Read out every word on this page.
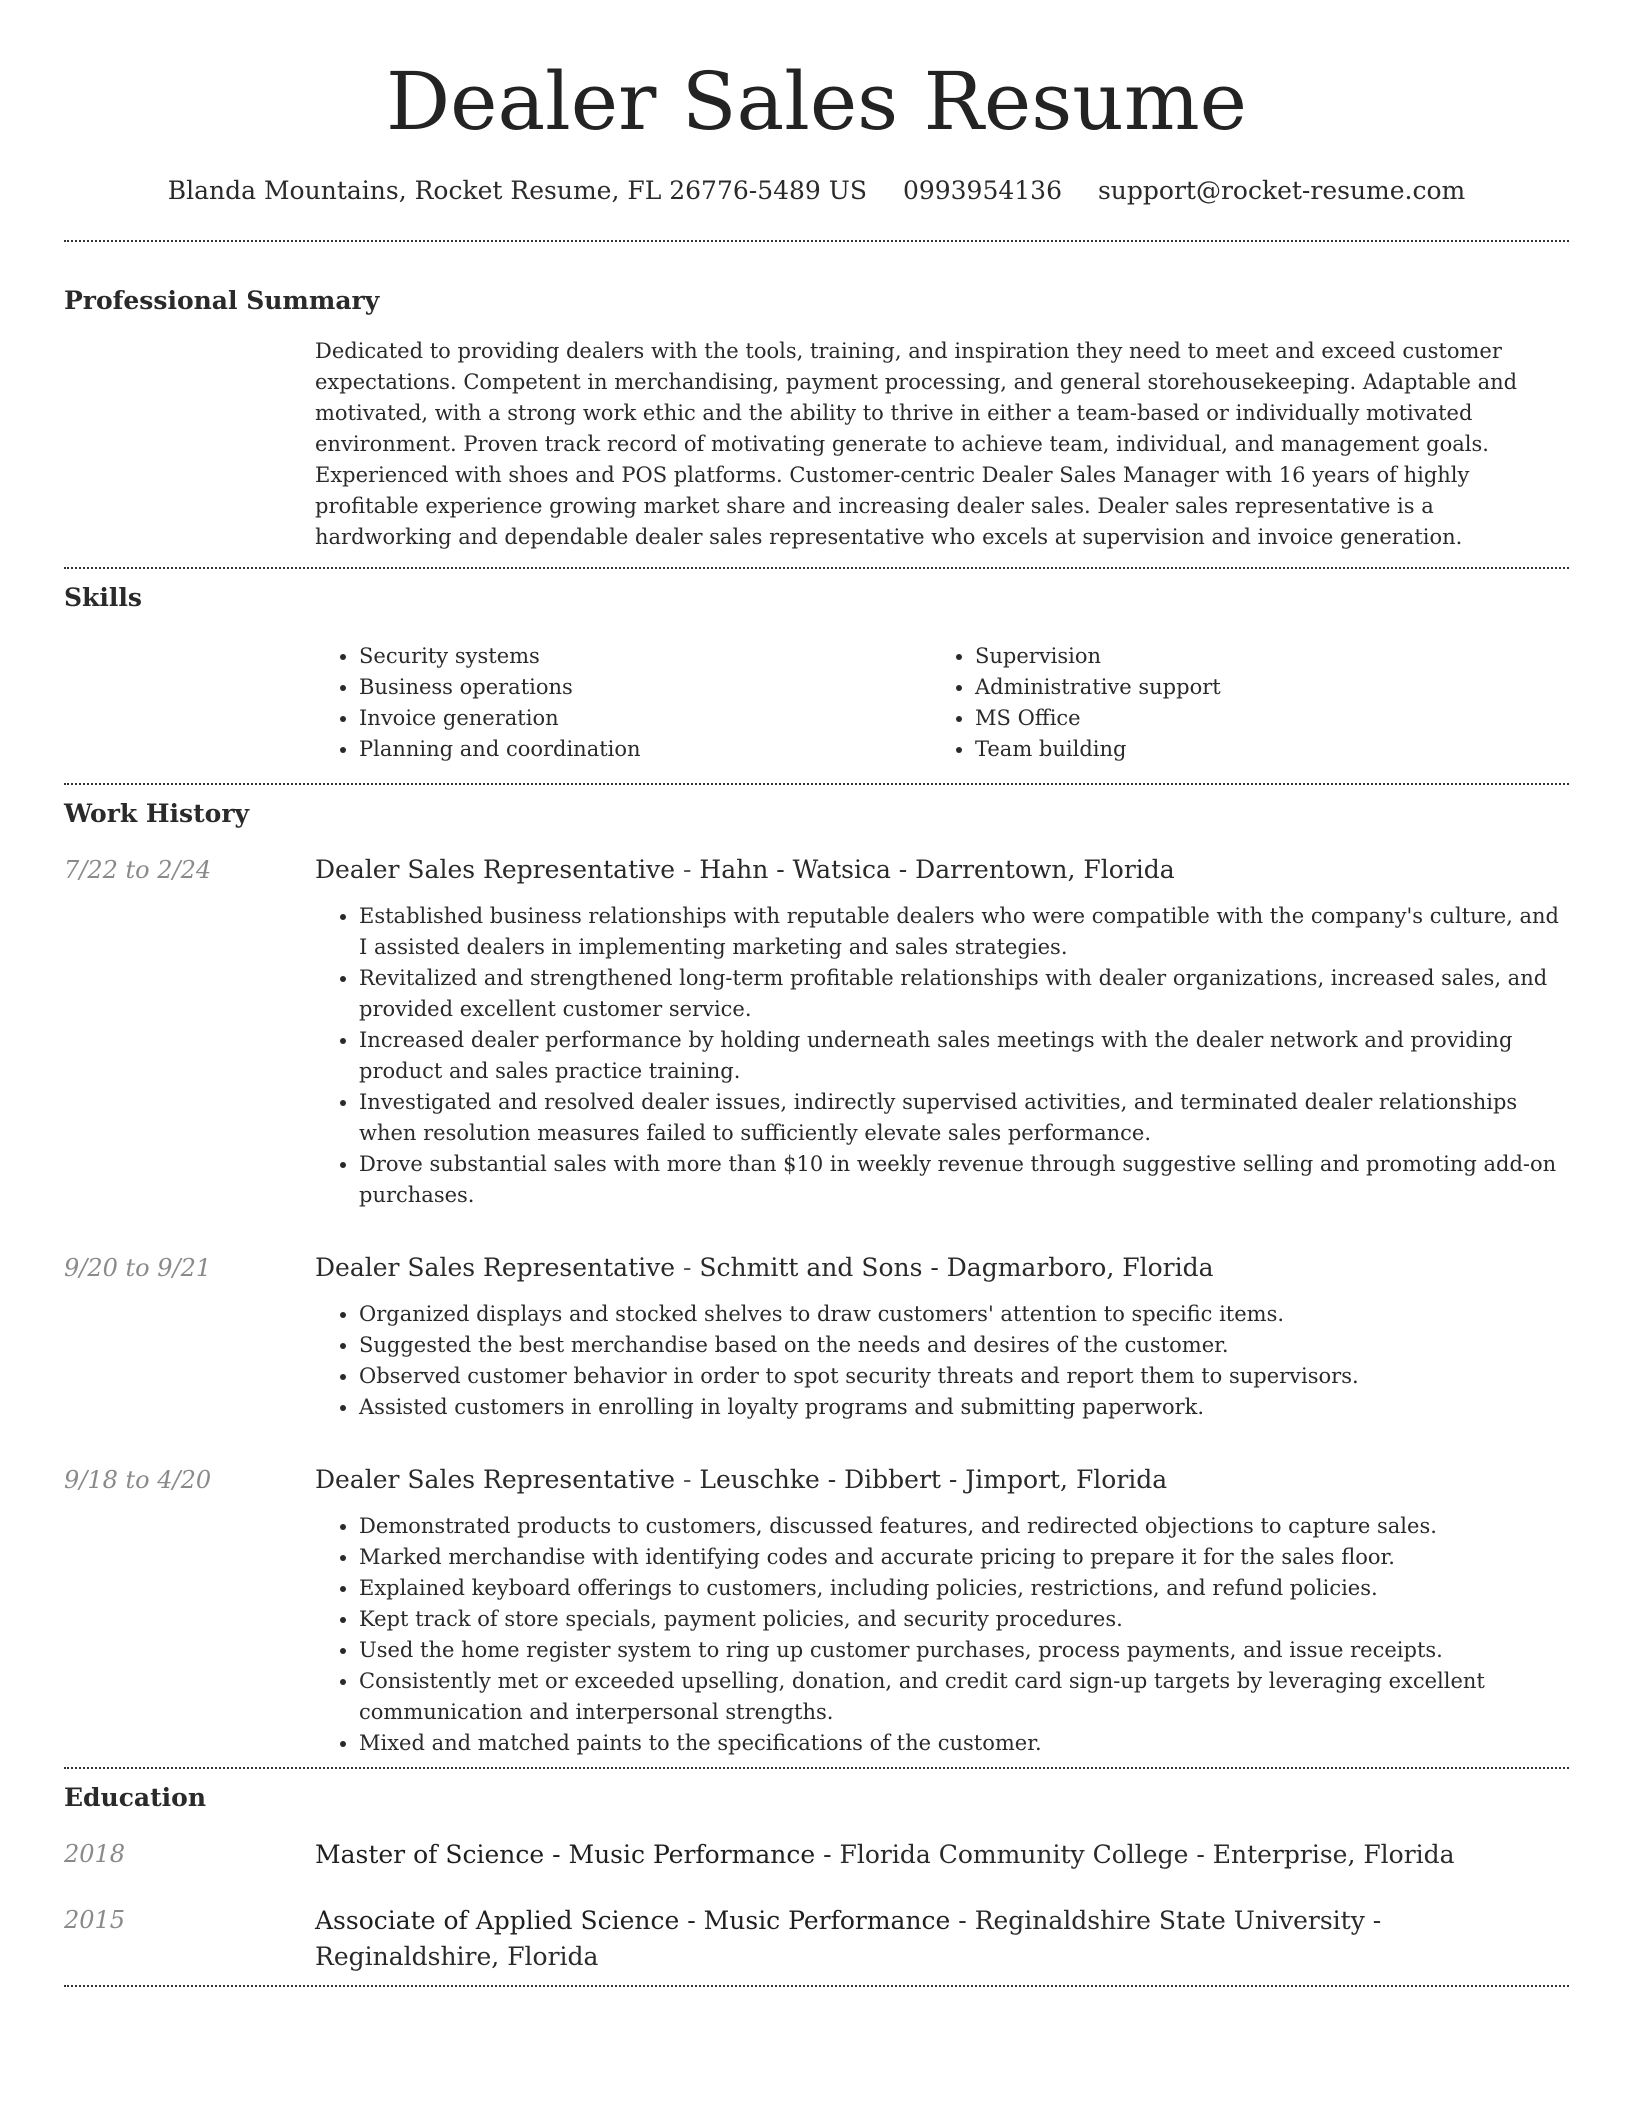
Dealer Sales Resume
Blanda Mountains, Rocket Resume, FL 26776-5489 US 0993954136 support@rocket-resume.com
Professional Summary

Dedicated to providing dealers with the tools, training, and inspiration they need to meet and exceed customer expectations. Competent in merchandising, payment processing, and general storehousekeeping. Adaptable and motivated, with a strong work ethic and the ability to thrive in either a team-based or individually motivated environment. Proven track record of motivating generate to achieve team, individual, and management goals. Experienced with shoes and POS platforms. Customer-centric Dealer Sales Manager with 16 years of highly profitable experience growing market share and increasing dealer sales. Dealer sales representative is a hardworking and dependable dealer sales representative who excels at supervision and invoice generation.

Skills
• Security systems
• Business operations
• Invoice generation
• Planning and coordination
• Supervision
• Administrative support
• MS Office
• Team building
Work History
7/22 to 2/24	Dealer Sales Representative - Hahn - Watsica - Darrentown, Florida
• Established business relationships with reputable dealers who were compatible with the company's culture, and I assisted dealers in implementing marketing and sales strategies.
• Revitalized and strengthened long-term profitable relationships with dealer organizations, increased sales, and provided excellent customer service.
• Increased dealer performance by holding underneath sales meetings with the dealer network and providing product and sales practice training.
• Investigated and resolved dealer issues, indirectly supervised activities, and terminated dealer relationships when resolution measures failed to sufficiently elevate sales performance.
• Drove substantial sales with more than $10 in weekly revenue through suggestive selling and promoting add-on purchases.
9/20 to 9/21	Dealer Sales Representative - Schmitt and Sons - Dagmarboro, Florida
• Organized displays and stocked shelves to draw customers' attention to specific items.
• Suggested the best merchandise based on the needs and desires of the customer.
• Observed customer behavior in order to spot security threats and report them to supervisors.
• Assisted customers in enrolling in loyalty programs and submitting paperwork.
9/18 to 4/20	Dealer Sales Representative - Leuschke - Dibbert - Jimport, Florida
• Demonstrated products to customers, discussed features, and redirected objections to capture sales.
• Marked merchandise with identifying codes and accurate pricing to prepare it for the sales floor.
• Explained keyboard offerings to customers, including policies, restrictions, and refund policies.
• Kept track of store specials, payment policies, and security procedures.
• Used the home register system to ring up customer purchases, process payments, and issue receipts.
• Consistently met or exceeded upselling, donation, and credit card sign-up targets by leveraging excellent communication and interpersonal strengths.
• Mixed and matched paints to the specifications of the customer.
Education
2018	Master of Science - Music Performance - Florida Community College - Enterprise, Florida
2015	Associate of Applied Science - Music Performance - Reginaldshire State University - Reginaldshire, Florida
